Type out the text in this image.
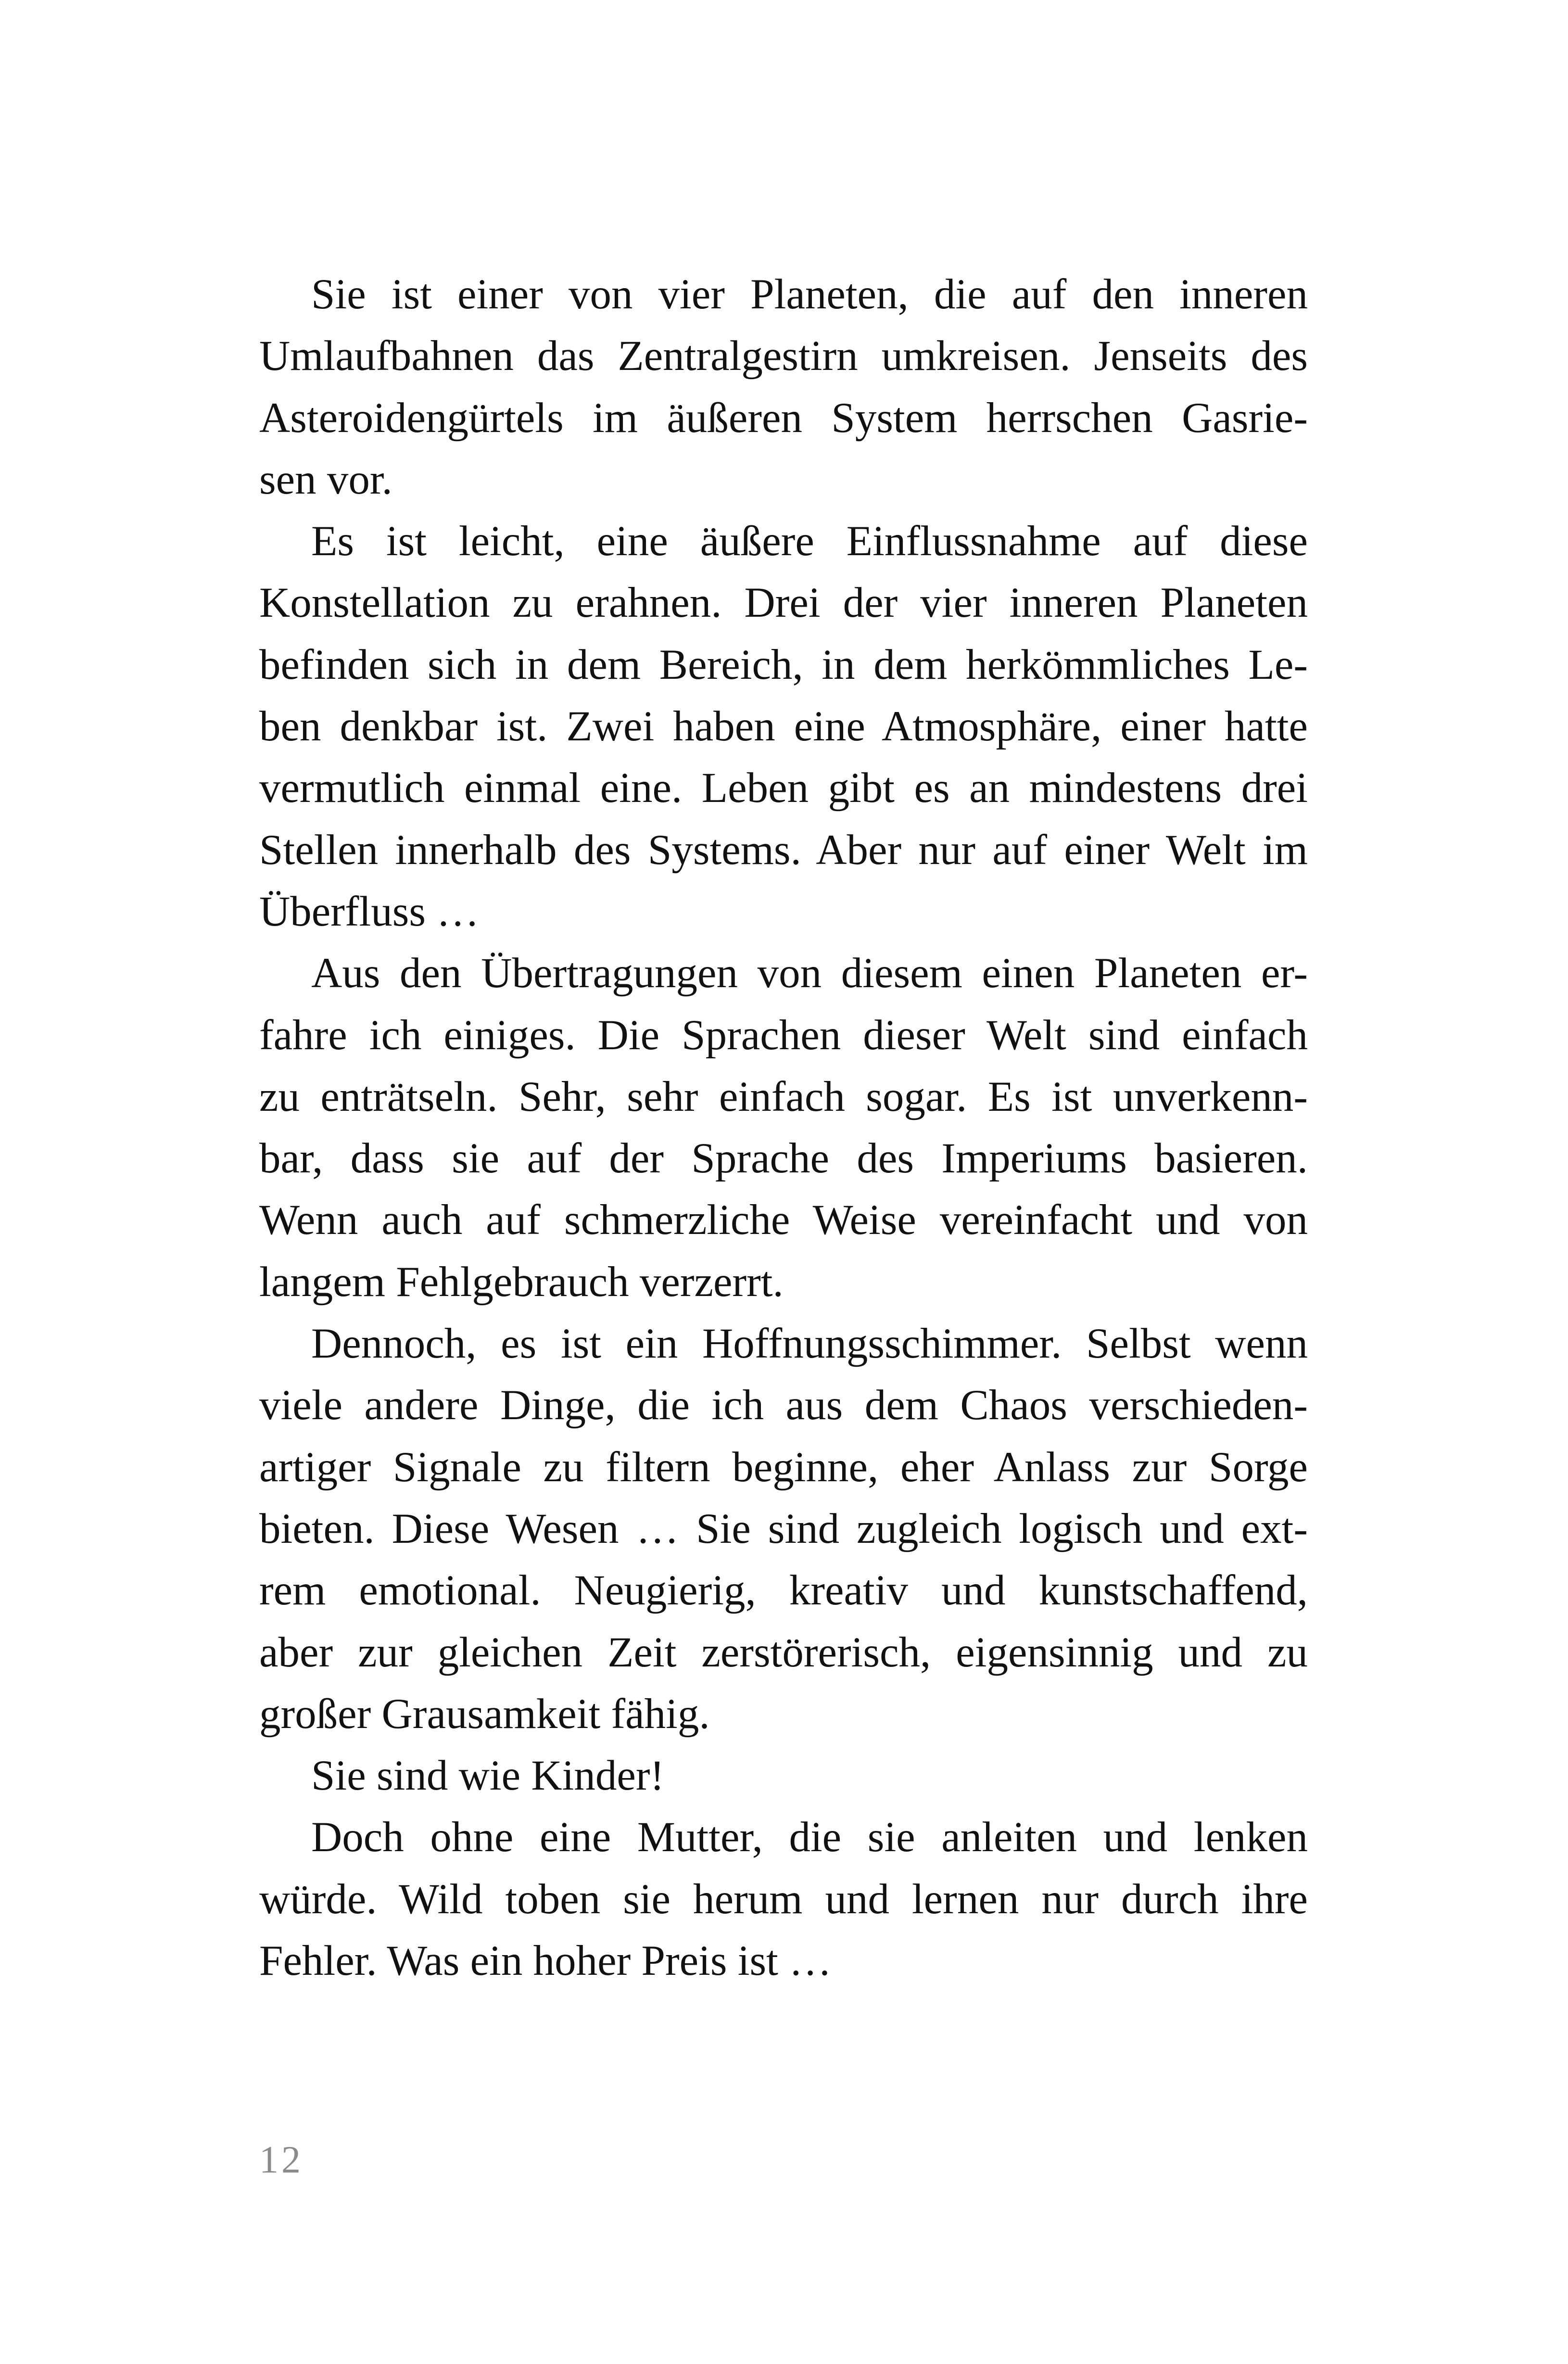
Sie ist einer von vier Planeten, die auf den inneren
Umlaufbahnen das Zentralgestirn umkreisen. Jenseits des
Asteroidengürtels im äußeren System herrschen Gasrie-
sen vor.
Es ist leicht, eine äußere Einflussnahme auf diese
Konstellation zu erahnen. Drei der vier inneren Planeten
befinden sich in dem Bereich, in dem herkömmliches Le-
ben denkbar ist. Zwei haben eine Atmosphäre, einer hatte
vermutlich einmal eine. Leben gibt es an mindestens drei
Stellen innerhalb des Systems. Aber nur auf einer Welt im
Überfluss …
Aus den Übertragungen von diesem einen Planeten er-
fahre ich einiges. Die Sprachen dieser Welt sind einfach
zu enträtseln. Sehr, sehr einfach sogar. Es ist unverkenn-
bar, dass sie auf der Sprache des Imperiums basieren.
Wenn auch auf schmerzliche Weise vereinfacht und von
langem Fehlgebrauch verzerrt.
Dennoch, es ist ein Hoffnungsschimmer. Selbst wenn
viele andere Dinge, die ich aus dem Chaos verschieden-
artiger Signale zu filtern beginne, eher Anlass zur Sorge
bieten. Diese Wesen … Sie sind zugleich logisch und ext-
rem emotional. Neugierig, kreativ und kunstschaffend,
aber zur gleichen Zeit zerstörerisch, eigensinnig und zu
großer Grausamkeit fähig.
Sie sind wie Kinder!
Doch ohne eine Mutter, die sie anleiten und lenken
würde. Wild toben sie herum und lernen nur durch ihre
Fehler. Was ein hoher Preis ist …
12
